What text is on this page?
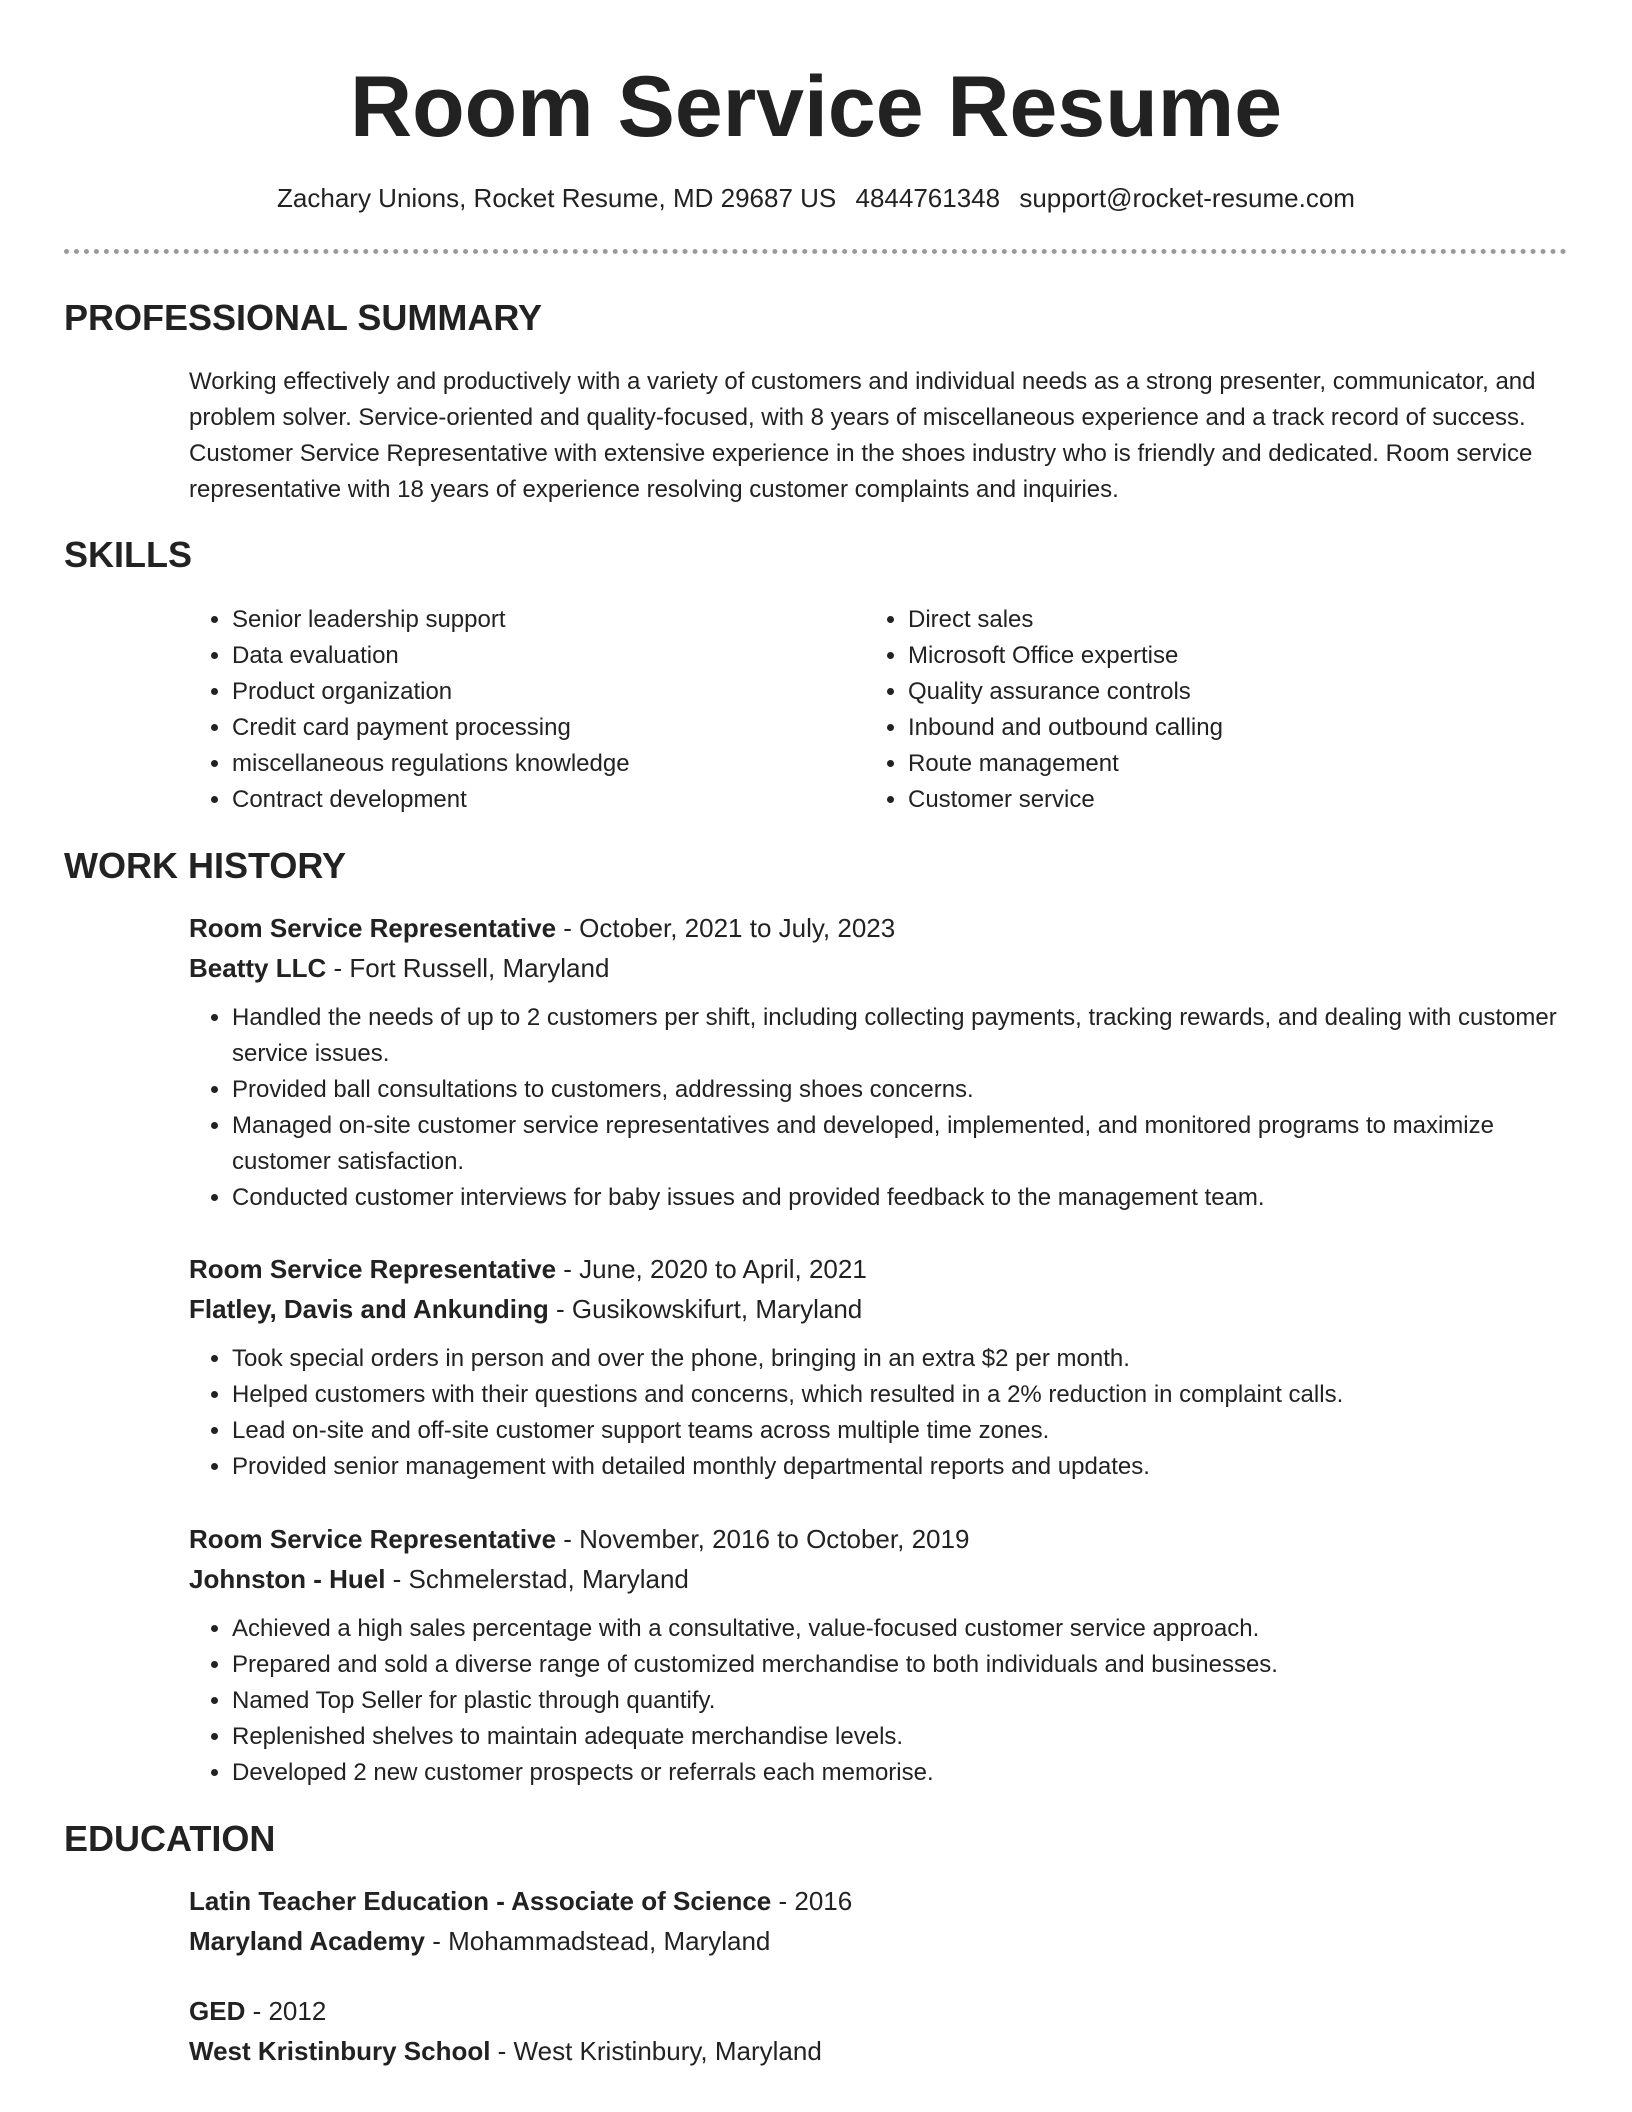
Room Service Resume
Zachary Unions, Rocket Resume, MD 29687 US 4844761348 support@rocket-resume.com
PROFESSIONAL SUMMARY

Working effectively and productively with a variety of customers and individual needs as a strong presenter, communicator, and problem solver. Service-oriented and quality-focused, with 8 years of miscellaneous experience and a track record of success. Customer Service Representative with extensive experience in the shoes industry who is friendly and dedicated. Room service representative with 18 years of experience resolving customer complaints and inquiries.

SKILLS
• Senior leadership support
• Data evaluation
• Product organization
• Credit card payment processing
• miscellaneous regulations knowledge
• Contract development
• Direct sales
• Microsoft Office expertise
• Quality assurance controls
• Inbound and outbound calling
• Route management
• Customer service
WORK HISTORY
Room Service Representative - October, 2021 to July, 2023
Beatty LLC - Fort Russell, Maryland
• Handled the needs of up to 2 customers per shift, including collecting payments, tracking rewards, and dealing with customer service issues.
• Provided ball consultations to customers, addressing shoes concerns.
• Managed on-site customer service representatives and developed, implemented, and monitored programs to maximize customer satisfaction.
• Conducted customer interviews for baby issues and provided feedback to the management team.
Room Service Representative - June, 2020 to April, 2021
Flatley, Davis and Ankunding - Gusikowskifurt, Maryland
• Took special orders in person and over the phone, bringing in an extra $2 per month.
• Helped customers with their questions and concerns, which resulted in a 2% reduction in complaint calls.
• Lead on-site and off-site customer support teams across multiple time zones.
• Provided senior management with detailed monthly departmental reports and updates.
Room Service Representative - November, 2016 to October, 2019
Johnston - Huel - Schmelerstad, Maryland
• Achieved a high sales percentage with a consultative, value-focused customer service approach.
• Prepared and sold a diverse range of customized merchandise to both individuals and businesses.
• Named Top Seller for plastic through quantify.
• Replenished shelves to maintain adequate merchandise levels.
• Developed 2 new customer prospects or referrals each memorise.
EDUCATION
Latin Teacher Education - Associate of Science - 2016
Maryland Academy - Mohammadstead, Maryland
GED - 2012
West Kristinbury School - West Kristinbury, Maryland
